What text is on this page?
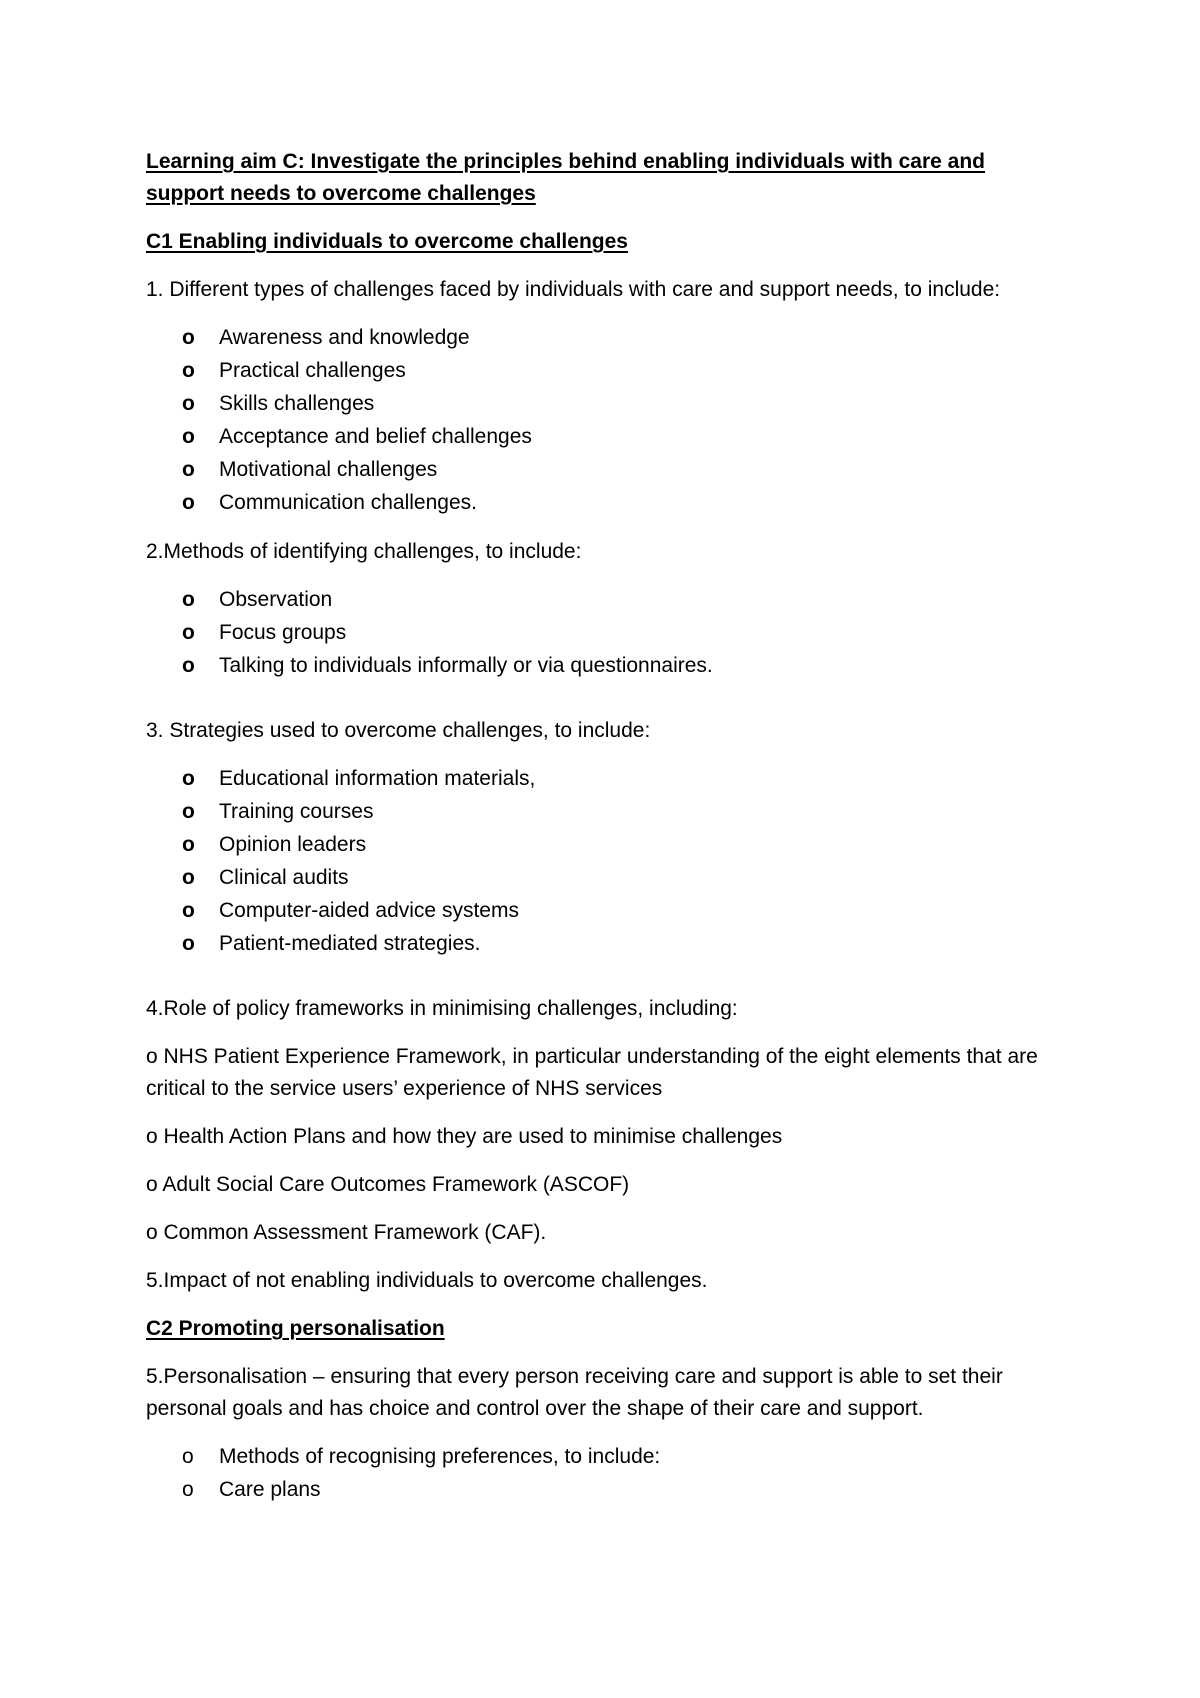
Learning aim C: Investigate the principles behind enabling individuals with care and
support needs to overcome challenges
C1 Enabling individuals to overcome challenges
1. Different types of challenges faced by individuals with care and support needs, to include:
o Awareness and knowledge
o Practical challenges
o Skills challenges
o Acceptance and belief challenges
o Motivational challenges
o Communication challenges.
2.Methods of identifying challenges, to include:
o Observation
o Focus groups
o Talking to individuals informally or via questionnaires.
3. Strategies used to overcome challenges, to include:
o Educational information materials,
o Training courses
o Opinion leaders
o Clinical audits
o Computer-aided advice systems
o Patient-mediated strategies.
4.Role of policy frameworks in minimising challenges, including:
o NHS Patient Experience Framework, in particular understanding of the eight elements that are critical to the service users’ experience of NHS services
o Health Action Plans and how they are used to minimise challenges
o Adult Social Care Outcomes Framework (ASCOF)
o Common Assessment Framework (CAF).
5.Impact of not enabling individuals to overcome challenges.
C2 Promoting personalisation
5.Personalisation – ensuring that every person receiving care and support is able to set their personal goals and has choice and control over the shape of their care and support.
o Methods of recognising preferences, to include:
o Care plans
